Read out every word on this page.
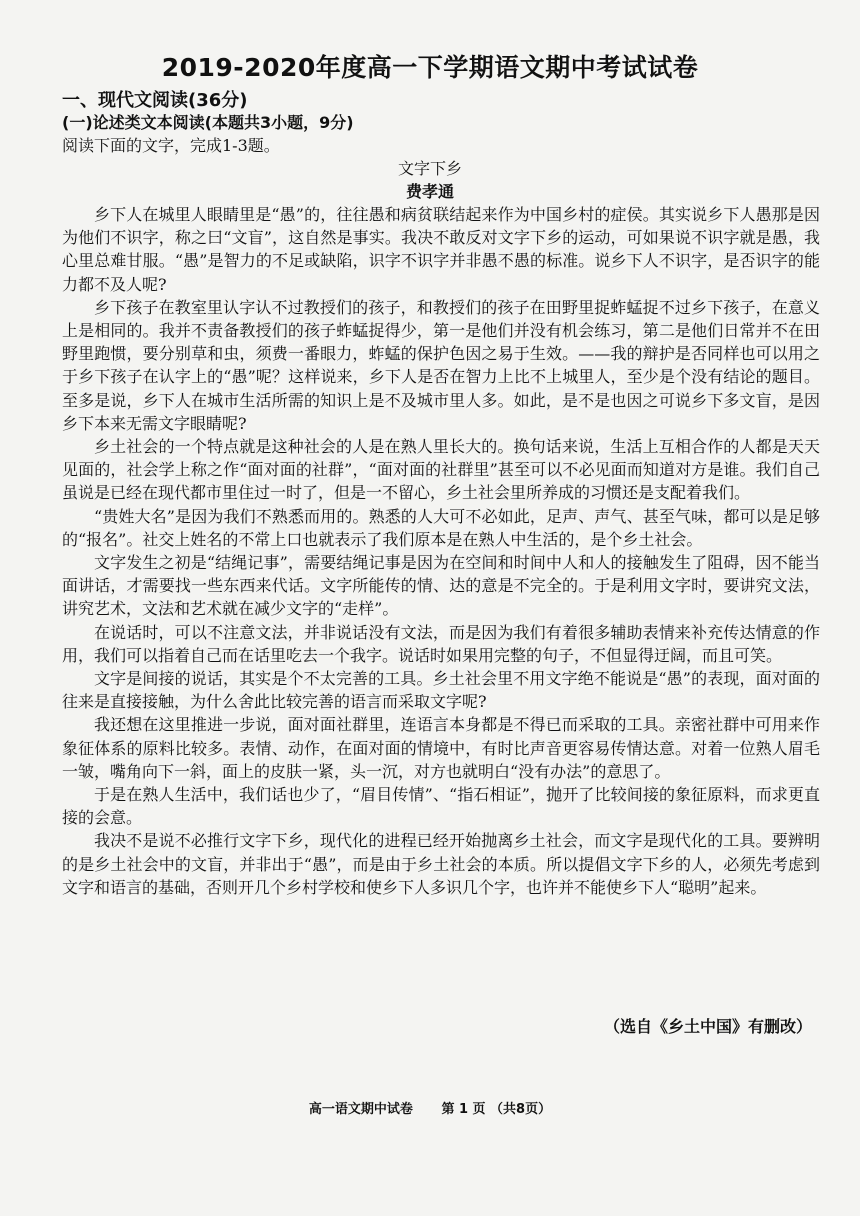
2019-2020年度高一下学期语文期中考试试卷
一、现代文阅读(36分)
(一)论述类文本阅读(本题共3小题，9分)
阅读下面的文字，完成1-3题。
文字下乡
费孝通

乡下人在城里人眼睛里是“愚”的，往往愚和病贫联结起来作为中国乡村的症侯。其实说乡下人愚那是因为他们不识字，称之曰“文盲”，这自然是事实。我决不敢反对文字下乡的运动，可如果说不识字就是愚，我心里总难甘服。“愚”是智力的不足或缺陷，识字不识字并非愚不愚的标准。说乡下人不识字，是否识字的能力都不及人呢?

乡下孩子在教室里认字认不过教授们的孩子，和教授们的孩子在田野里捉蚱蜢捉不过乡下孩子，在意义上是相同的。我并不责备教授们的孩子蚱蜢捉得少，第一是他们并没有机会练习，第二是他们日常并不在田野里跑惯，要分别草和虫，须费一番眼力，蚱蜢的保护色因之易于生效。——我的辩护是否同样也可以用之于乡下孩子在认字上的“愚”呢？这样说来，乡下人是否在智力上比不上城里人，至少是个没有结论的题目。至多是说，乡下人在城市生活所需的知识上是不及城市里人多。如此，是不是也因之可说乡下多文盲，是因乡下本来无需文字眼睛呢?

乡土社会的一个特点就是这种社会的人是在熟人里长大的。换句话来说，生活上互相合作的人都是天天见面的，社会学上称之作“面对面的社群”，“面对面的社群里”甚至可以不必见面而知道对方是谁。我们自己虽说是已经在现代都市里住过一时了，但是一不留心，乡土社会里所养成的习惯还是支配着我们。

“贵姓大名”是因为我们不熟悉而用的。熟悉的人大可不必如此，足声、声气、甚至气味，都可以是足够的“报名”。社交上姓名的不常上口也就表示了我们原本是在熟人中生活的，是个乡土社会。

文字发生之初是“结绳记事”，需要结绳记事是因为在空间和时间中人和人的接触发生了阻碍，因不能当面讲话，才需要找一些东西来代话。文字所能传的情、达的意是不完全的。于是利用文字时，要讲究文法，讲究艺术，文法和艺术就在减少文字的“走样”。

在说话时，可以不注意文法，并非说话没有文法，而是因为我们有着很多辅助表情来补充传达情意的作用，我们可以指着自己而在话里吃去一个我字。说话时如果用完整的句子，不但显得迂阔，而且可笑。

文字是间接的说话，其实是个不太完善的工具。乡土社会里不用文字绝不能说是“愚”的表现，面对面的往来是直接接触，为什么舍此比较完善的语言而采取文字呢?

我还想在这里推进一步说，面对面社群里，连语言本身都是不得已而采取的工具。亲密社群中可用来作象征体系的原料比较多。表情、动作，在面对面的情境中，有时比声音更容易传情达意。对着一位熟人眉毛一皱，嘴角向下一斜，面上的皮肤一紧，头一沉，对方也就明白“没有办法”的意思了。

于是在熟人生活中，我们话也少了，“眉目传情”、“指石相证”，抛开了比较间接的象征原料，而求更直接的会意。

我决不是说不必推行文字下乡，现代化的进程已经开始抛离乡土社会，而文字是现代化的工具。要辨明的是乡土社会中的文盲，并非出于“愚”，而是由于乡土社会的本质。所以提倡文字下乡的人，必须先考虑到文字和语言的基础，否则开几个乡村学校和使乡下人多识几个字，也许并不能使乡下人“聪明”起来。

（选自《乡土中国》有删改）
高一语文期中试卷 第 1 页 （共8页）
